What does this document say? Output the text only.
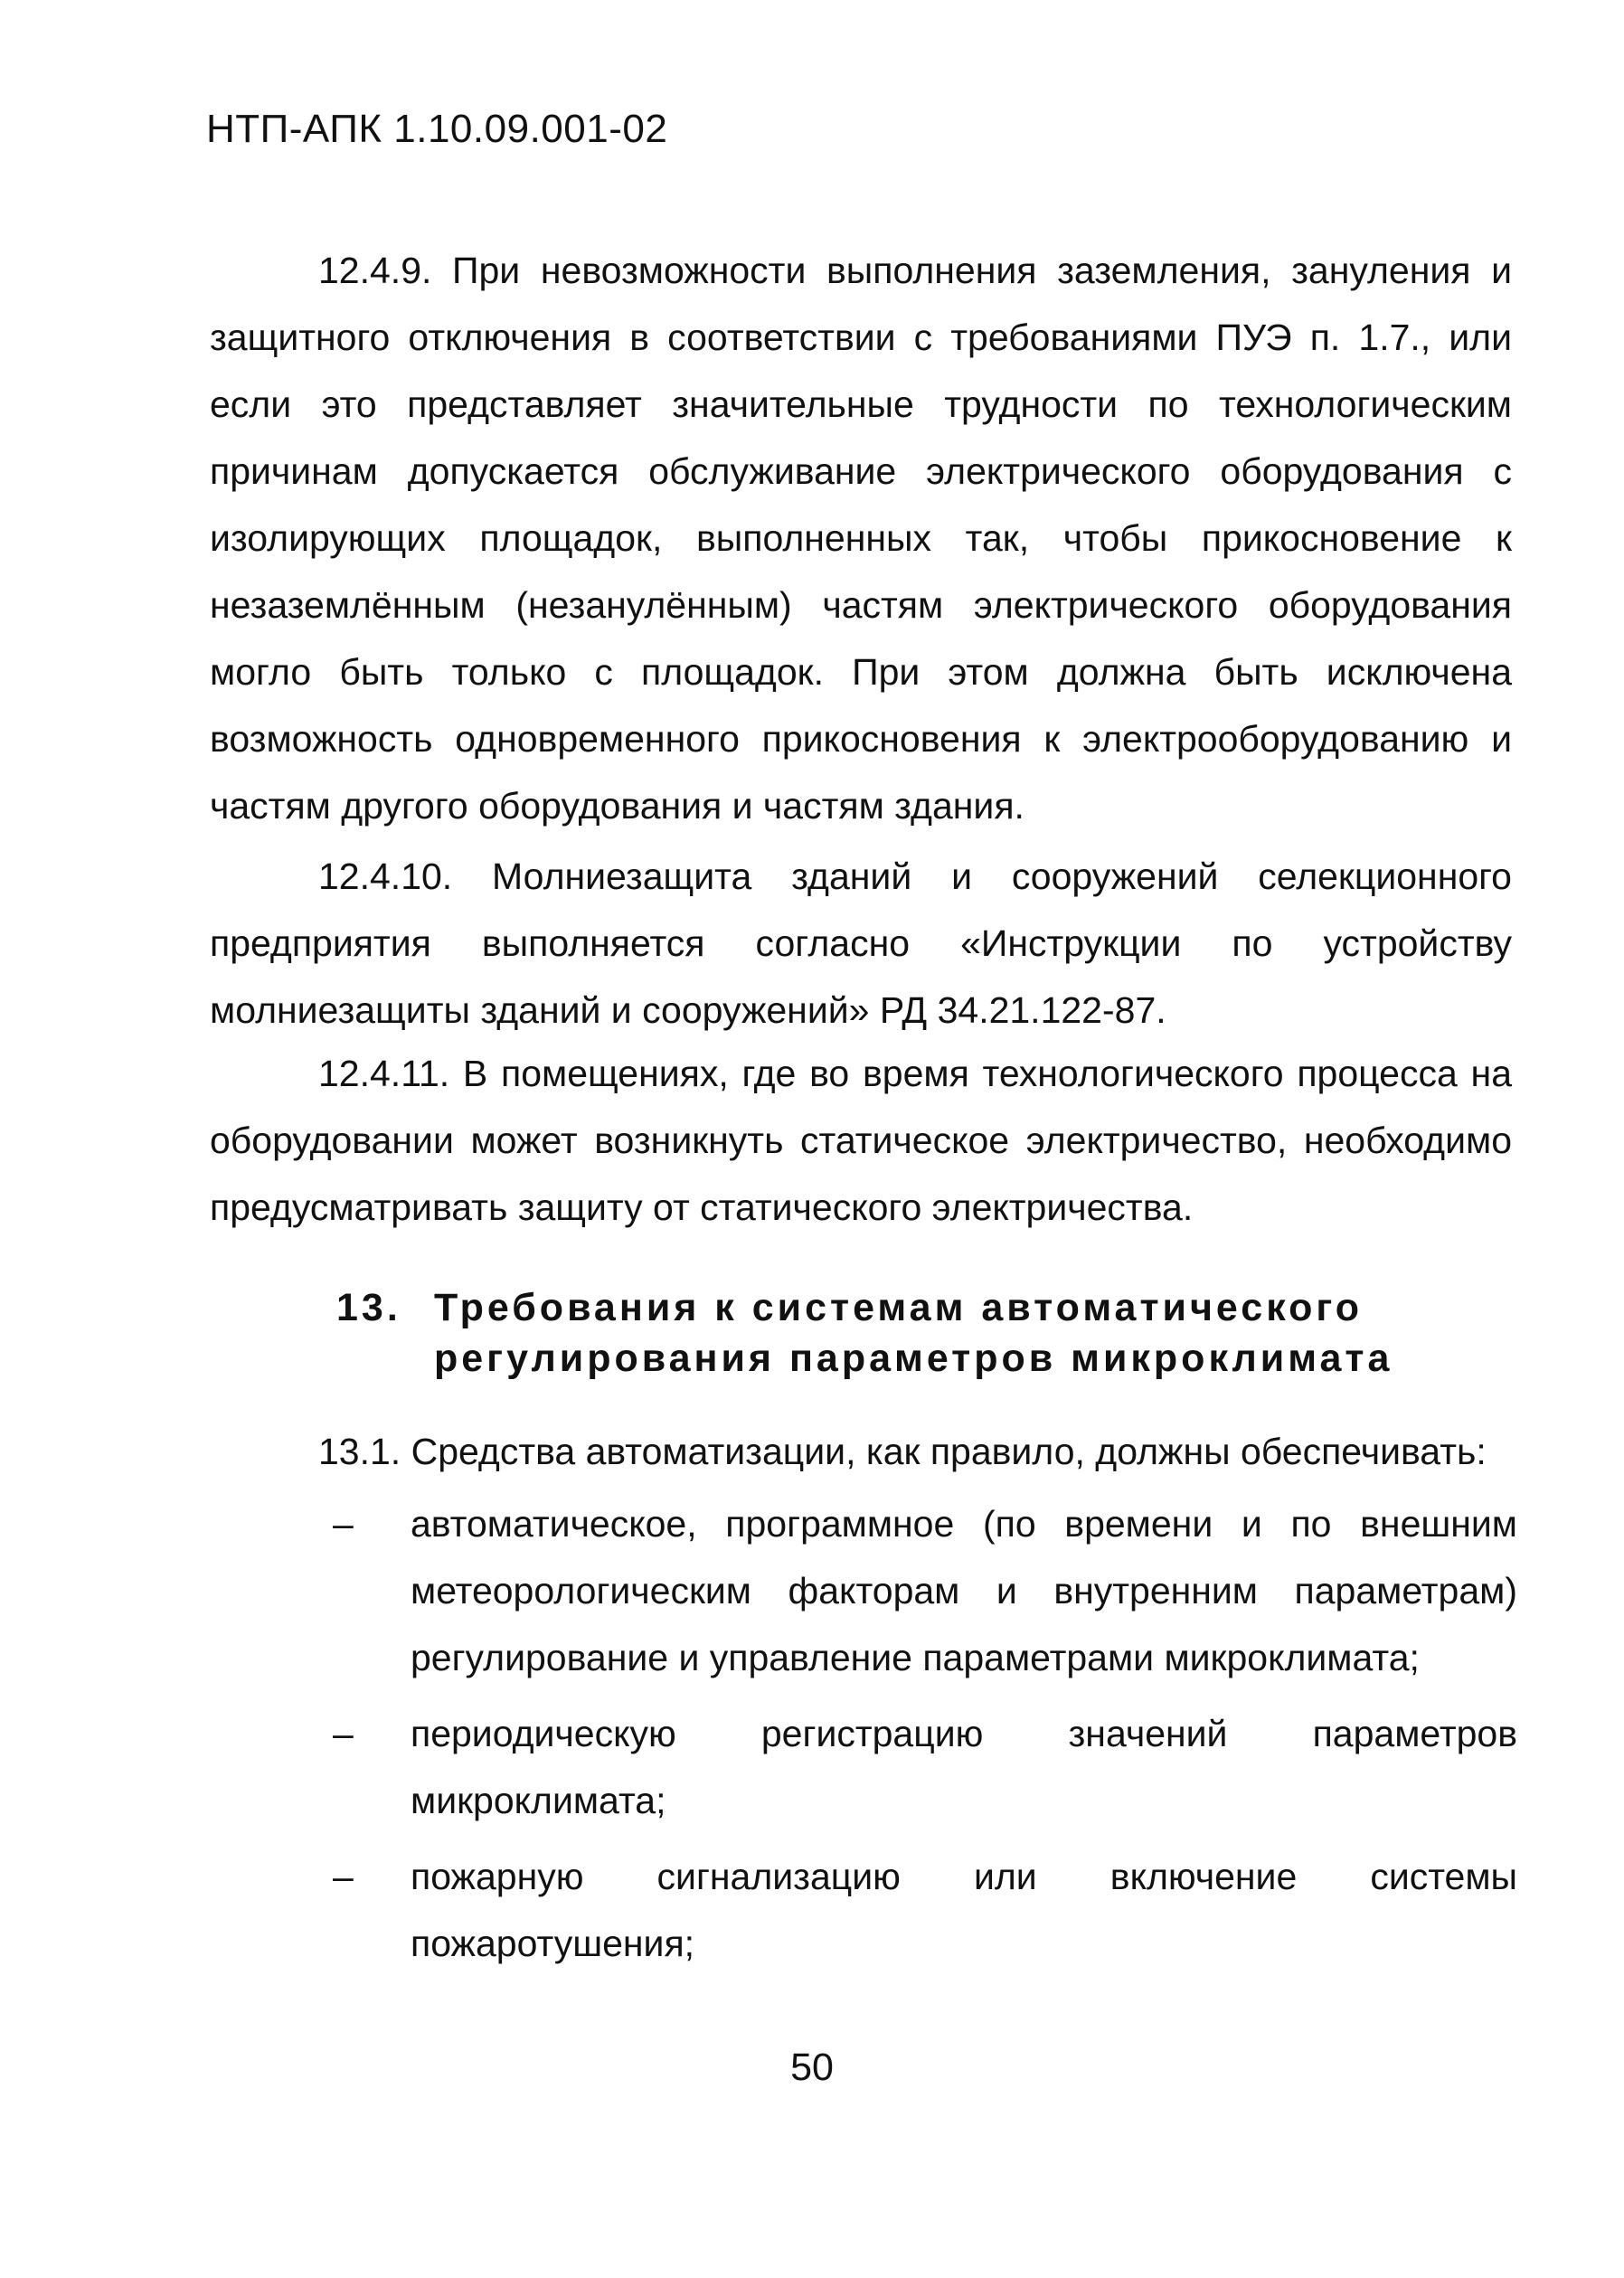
НТП-АПК 1.10.09.001-02

12.4.9. При невозможности выполнения заземления, зануления и защитного отключения в соответствии с требованиями ПУЭ п. 1.7., или если это представляет значительные трудности по технологическим причинам допускается обслуживание электрического оборудования с изолирующих площадок, выполненных так, чтобы прикосновение к незаземлённым (незанулённым) частям электрического оборудования могло быть только с площадок. При этом должна быть исключена возможность одновременного прикосновения к электрооборудованию и частям другого оборудования и частям здания.

12.4.10. Молниезащита зданий и сооружений селекционного предприятия выполняется согласно «Инструкции по устройству молниезащиты зданий и сооружений» РД 34.21.122-87.

12.4.11. В помещениях, где во время технологического процесса на оборудовании может возникнуть статическое электричество, необходимо предусматривать защиту от статического электричества.

13. Требования к системам автоматического
регулирования параметров микроклимата
13.1. Средства автоматизации, как правило, должны обеспечивать:
– автоматическое, программное (по времени и по внешним метеорологическим факторам и внутренним параметрам) регулирование и управление параметрами микроклимата;
– периодическую регистрацию значений параметров микроклимата;
– пожарную сигнализацию или включение системы пожаротушения;
50
